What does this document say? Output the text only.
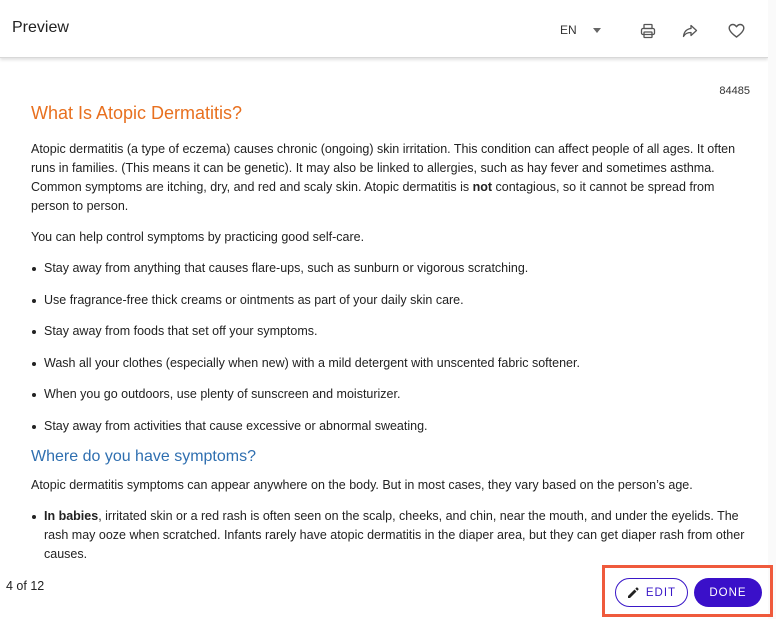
Preview	EN
84485
What Is Atopic Dermatitis?

Atopic dermatitis (a type of eczema) causes chronic (ongoing) skin irritation. This condition can affect people of all ages. It often runs in families. (This means it can be genetic). It may also be linked to allergies, such as hay fever and sometimes asthma. Common symptoms are itching, dry, and red and scaly skin. Atopic dermatitis is not contagious, so it cannot be spread from person to person.

You can help control symptoms by practicing good self-care.

Stay away from anything that causes flare-ups, such as sunburn or vigorous scratching.
Use fragrance-free thick creams or ointments as part of your daily skin care.
Stay away from foods that set off your symptoms.
Wash all your clothes (especially when new) with a mild detergent with unscented fabric softener.
When you go outdoors, use plenty of sunscreen and moisturizer.
Stay away from activities that cause excessive or abnormal sweating.
Where do you have symptoms?

Atopic dermatitis symptoms can appear anywhere on the body. But in most cases, they vary based on the person’s age.

In babies, irritated skin or a red rash is often seen on the scalp, cheeks, and chin, near the mouth, and under the eyelids. The rash may ooze when scratched. Infants rarely have atopic dermatitis in the diaper area, but they can get diaper rash from other causes.
4 of 12	EDIT	DONE
